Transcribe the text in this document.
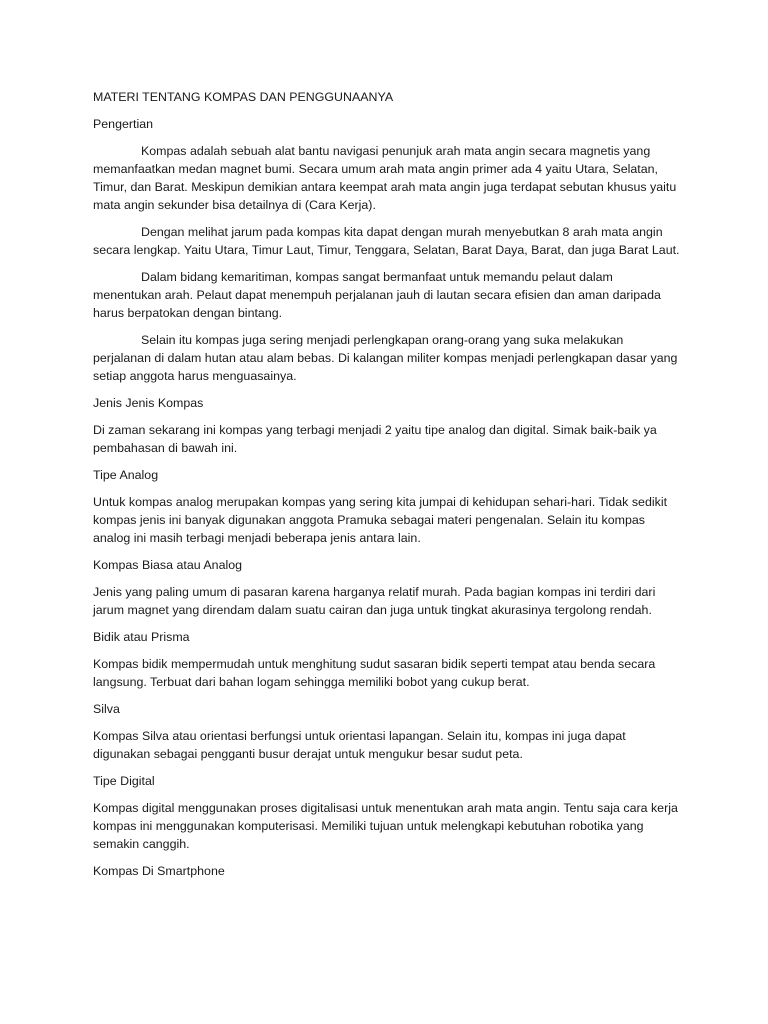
MATERI TENTANG KOMPAS DAN PENGGUNAANYA
Pengertian

Kompas adalah sebuah alat bantu navigasi penunjuk arah mata angin secara magnetis yang memanfaatkan medan magnet bumi. Secara umum arah mata angin primer ada 4 yaitu Utara, Selatan, Timur, dan Barat. Meskipun demikian antara keempat arah mata angin juga terdapat sebutan khusus yaitu mata angin sekunder bisa detailnya di (Cara Kerja).

Dengan melihat jarum pada kompas kita dapat dengan murah menyebutkan 8 arah mata angin secara lengkap. Yaitu Utara, Timur Laut, Timur, Tenggara, Selatan, Barat Daya, Barat, dan juga Barat Laut.

Dalam bidang kemaritiman, kompas sangat bermanfaat untuk memandu pelaut dalam menentukan arah. Pelaut dapat menempuh perjalanan jauh di lautan secara efisien dan aman daripada harus berpatokan dengan bintang.

Selain itu kompas juga sering menjadi perlengkapan orang-orang yang suka melakukan perjalanan di dalam hutan atau alam bebas. Di kalangan militer kompas menjadi perlengkapan dasar yang setiap anggota harus menguasainya.

Jenis Jenis Kompas

Di zaman sekarang ini kompas yang terbagi menjadi 2 yaitu tipe analog dan digital. Simak baik-baik ya pembahasan di bawah ini.

Tipe Analog

Untuk kompas analog merupakan kompas yang sering kita jumpai di kehidupan sehari-hari. Tidak sedikit kompas jenis ini banyak digunakan anggota Pramuka sebagai materi pengenalan. Selain itu kompas analog ini masih terbagi menjadi beberapa jenis antara lain.

Kompas Biasa atau Analog

Jenis yang paling umum di pasaran karena harganya relatif murah. Pada bagian kompas ini terdiri dari jarum magnet yang direndam dalam suatu cairan dan juga untuk tingkat akurasinya tergolong rendah.

Bidik atau Prisma

Kompas bidik mempermudah untuk menghitung sudut sasaran bidik seperti tempat atau benda secara langsung. Terbuat dari bahan logam sehingga memiliki bobot yang cukup berat.

Silva

Kompas Silva atau orientasi berfungsi untuk orientasi lapangan. Selain itu, kompas ini juga dapat digunakan sebagai pengganti busur derajat untuk mengukur besar sudut peta.

Tipe Digital

Kompas digital menggunakan proses digitalisasi untuk menentukan arah mata angin. Tentu saja cara kerja kompas ini menggunakan komputerisasi. Memiliki tujuan untuk melengkapi kebutuhan robotika yang semakin canggih.

Kompas Di Smartphone
